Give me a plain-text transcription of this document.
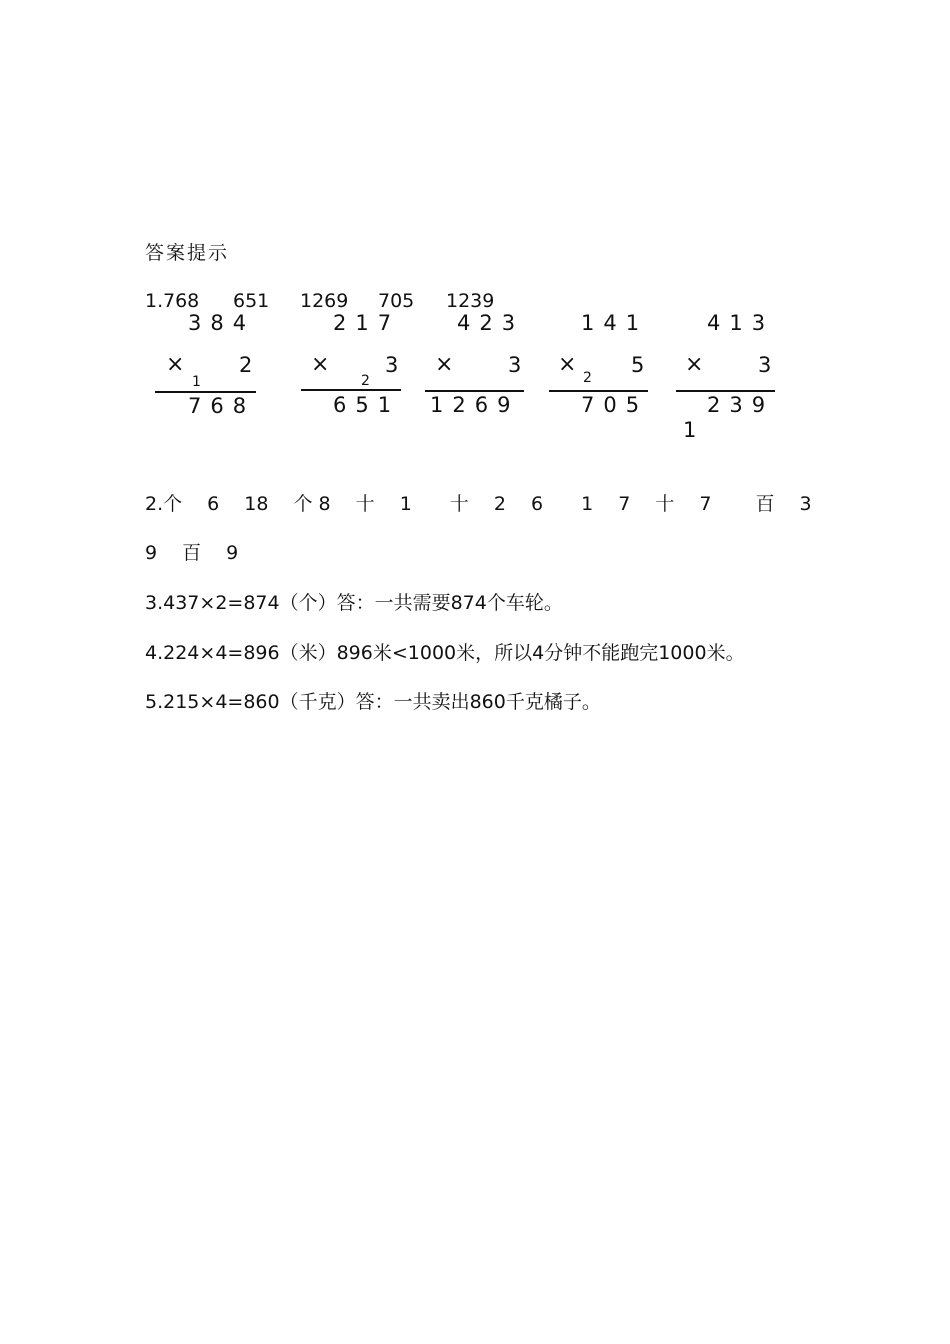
答案提示
1. 768 651 1269 705 1239
384
×	2
1
768
217
×	3
2
651
423
×	3
1269
141
×	5
2
705
413
×	3
239
1
2.个　 6　 18　 个 8　 十　 1　　十　 2　 6　　1　 7　 十　 7　　 百　 3
9　 百　 9
3.437×2=874（个）答：一共需要874个车轮。
4.224×4=896（米）896米<1000米，所以4分钟不能跑完1000米。
5.215×4=860（千克）答：一共卖出860千克橘子。
